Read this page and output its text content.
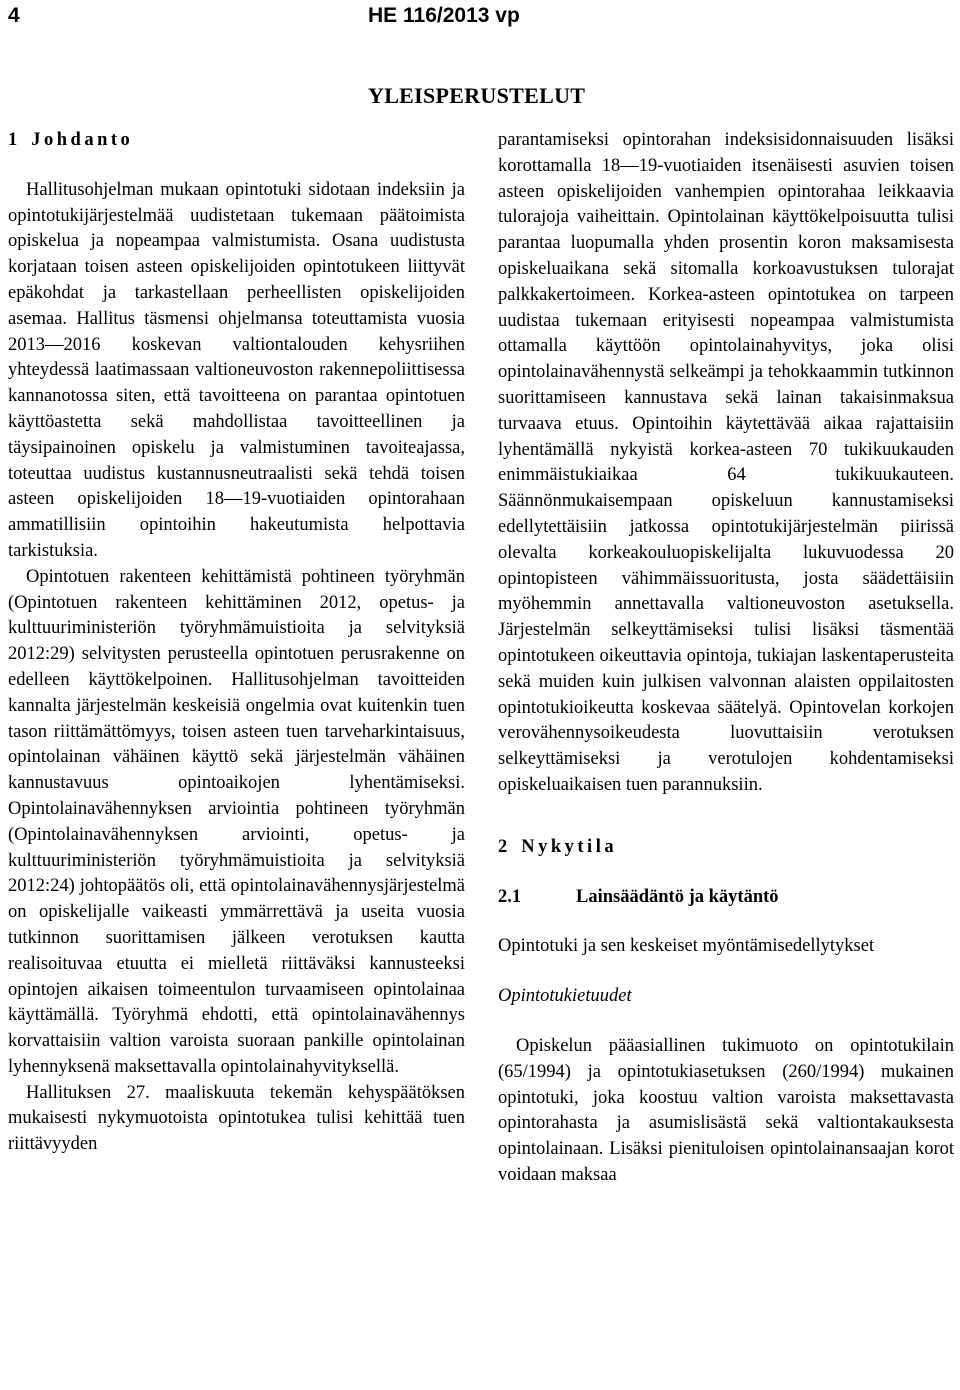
4	HE 116/2013 vp
YLEISPERUSTELUT

1 Johdanto

Hallitusohjelman mukaan opintotuki sidotaan indeksiin ja opintotukijärjestelmää uudistetaan tukemaan päätoimista opiskelua ja nopeampaa valmistumista. Osana uudistusta korjataan toisen asteen opiskelijoiden opintotukeen liittyvät epäkohdat ja tarkastellaan perheellisten opiskelijoiden asemaa. Hallitus täsmensi ohjelmansa toteuttamista vuosia 2013—2016 koskevan valtiontalouden kehysriihen yhteydessä laatimassaan valtioneuvoston rakennepoliittisessa kannanotossa siten, että tavoitteena on parantaa opintotuen käyttöastetta sekä mahdollistaa tavoitteellinen ja täysipainoinen opiskelu ja valmistuminen tavoiteajassa, toteuttaa uudistus kustannusneutraalisti sekä tehdä toisen asteen opiskelijoiden 18—19-vuotiaiden opintorahaan ammatillisiin opintoihin hakeutumista helpottavia tarkistuksia.

Opintotuen rakenteen kehittämistä pohtineen työryhmän (Opintotuen rakenteen kehittäminen 2012, opetus- ja kulttuuriministeriön työryhmämuistioita ja selvityksiä 2012:29) selvitysten perusteella opintotuen perusrakenne on edelleen käyttökelpoinen. Hallitusohjelman tavoitteiden kannalta järjestelmän keskeisiä ongelmia ovat kuitenkin tuen tason riittämättömyys, toisen asteen tuen tarveharkintaisuus, opintolainan vähäinen käyttö sekä järjestelmän vähäinen kannustavuus opintoaikojen lyhentämiseksi. Opintolainavähennyksen arviointia pohtineen työryhmän (Opintolainavähennyksen arviointi, opetus- ja kulttuuriministeriön työryhmämuistioita ja selvityksiä 2012:24) johtopäätös oli, että opintolainavähennysjärjestelmä on opiskelijalle vaikeasti ymmärrettävä ja useita vuosia tutkinnon suorittamisen jälkeen verotuksen kautta realisoituvaa etuutta ei mielletä riittäväksi kannusteeksi opintojen aikaisen toimeentulon turvaamiseen opintolainaa käyttämällä. Työryhmä ehdotti, että opintolainavähennys korvattaisiin valtion varoista suoraan pankille opintolainan lyhennyksenä maksettavalla opintolainahyvityksellä.

Hallituksen 27. maaliskuuta tekemän kehyspäätöksen mukaisesti nykymuotoista opintotukea tulisi kehittää tuen riittävyyden

parantamiseksi opintorahan indeksisidonnaisuuden lisäksi korottamalla 18—19-vuotiaiden itsenäisesti asuvien toisen asteen opiskelijoiden vanhempien opintorahaa leikkaavia tulorajoja vaiheittain. Opintolainan käyttökelpoisuutta tulisi parantaa luopumalla yhden prosentin koron maksamisesta opiskeluaikana sekä sitomalla korkoavustuksen tulorajat palkkakertoimeen. Korkea-asteen opintotukea on tarpeen uudistaa tukemaan erityisesti nopeampaa valmistumista ottamalla käyttöön opintolainahyvitys, joka olisi opintolainavähennystä selkeämpi ja tehokkaammin tutkinnon suorittamiseen kannustava sekä lainan takaisinmaksua turvaava etuus. Opintoihin käytettävää aikaa rajattaisiin lyhentämällä nykyistä korkea-asteen 70 tukikuukauden enimmäistukiaikaa 64 tukikuukauteen. Säännönmukaisempaan opiskeluun kannustamiseksi edellytettäisiin jatkossa opintotukijärjestelmän piirissä olevalta korkeakouluopiskelijalta lukuvuodessa 20 opintopisteen vähimmäissuoritusta, josta säädettäisiin myöhemmin annettavalla valtioneuvoston asetuksella. Järjestelmän selkeyttämiseksi tulisi lisäksi täsmentää opintotukeen oikeuttavia opintoja, tukiajan laskentaperusteita sekä muiden kuin julkisen valvonnan alaisten oppilaitosten opintotukioikeutta koskevaa säätelyä. Opintovelan korkojen verovähennysoikeudesta luovuttaisiin verotuksen selkeyttämiseksi ja verotulojen kohdentamiseksi opiskeluaikaisen tuen parannuksiin.

2 Nykytila

2.1	Lainsäädäntö ja käytäntö

Opintotuki ja sen keskeiset myöntämisedellytykset

Opintotukietuudet

Opiskelun pääasiallinen tukimuoto on opintotukilain (65/1994) ja opintotukiasetuksen (260/1994) mukainen opintotuki, joka koostuu valtion varoista maksettavasta opintorahasta ja asumislisästä sekä valtiontakauksesta opintolainaan. Lisäksi pienituloisen opintolainansaajan korot voidaan maksaa
